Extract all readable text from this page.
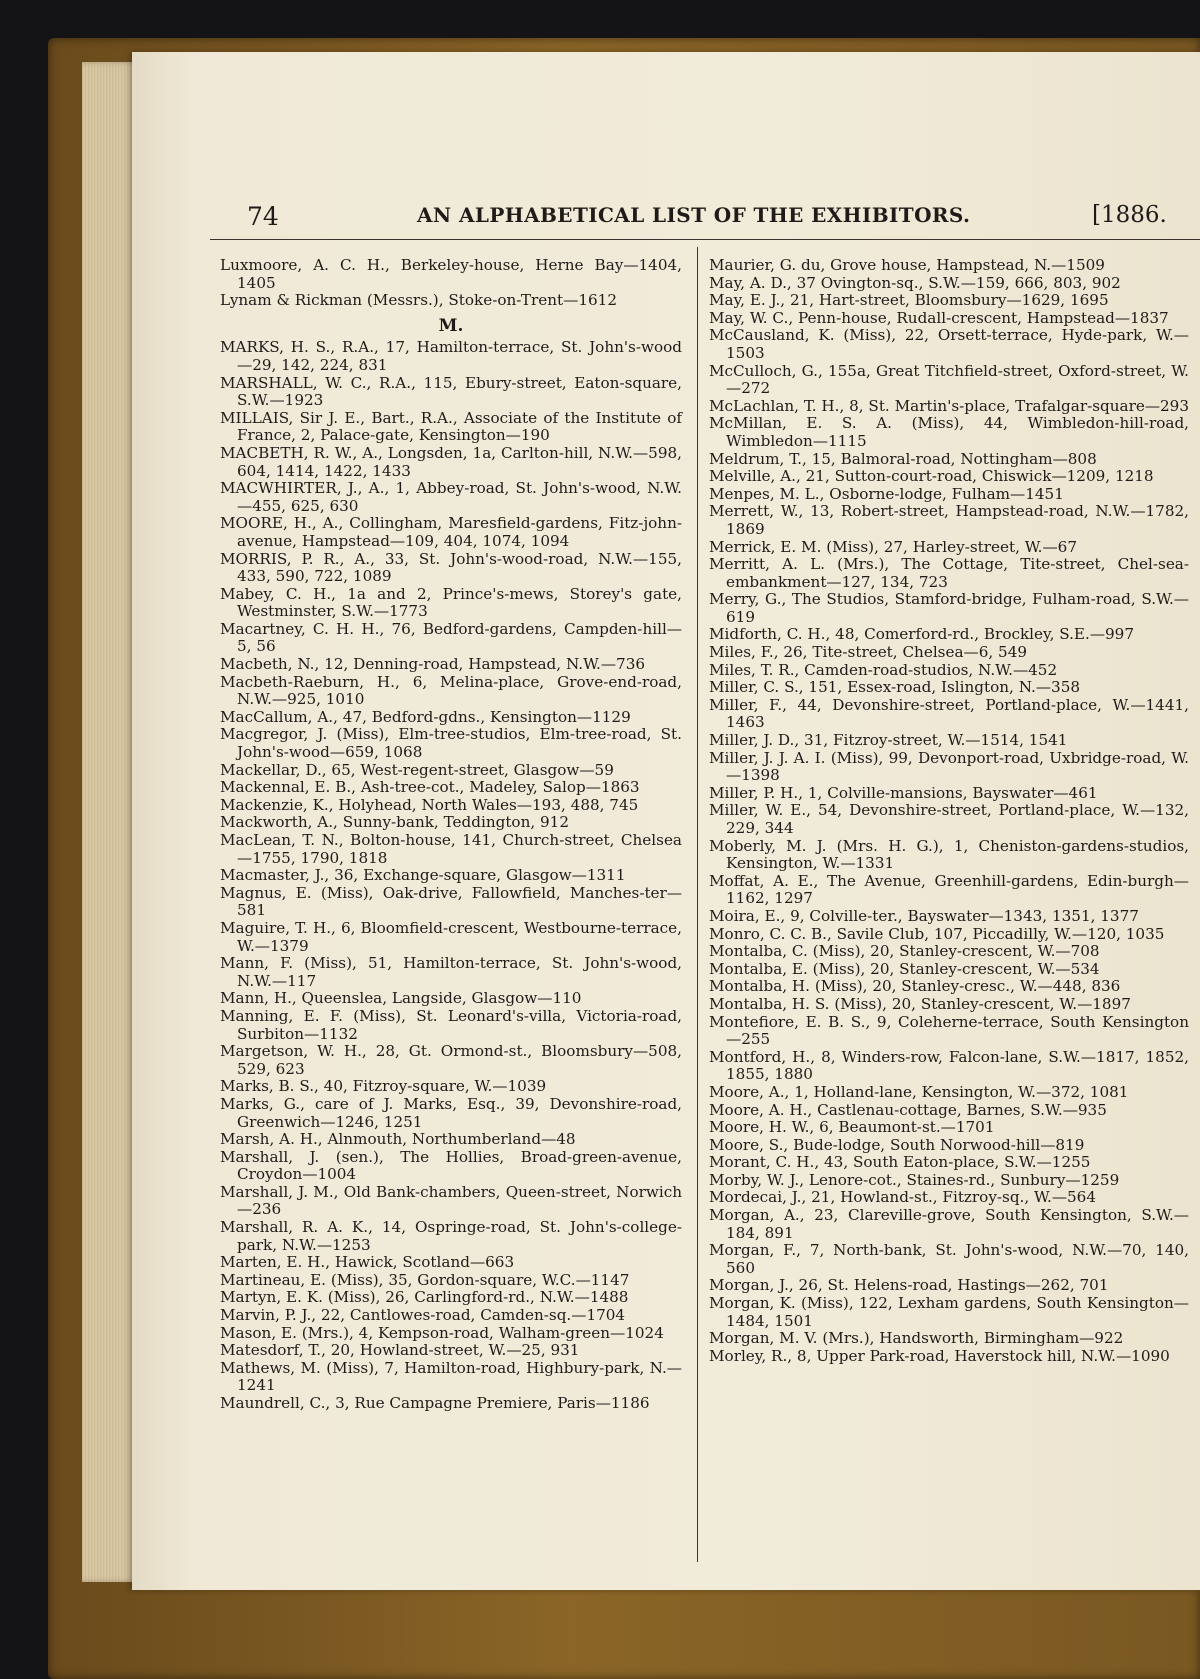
74	AN ALPHABETICAL LIST OF THE EXHIBITORS.	[1886.
Luxmoore, A. C. H., Berkeley-house, Herne Bay—1404, 1405
Lynam & Rickman (Messrs.), Stoke-on-Trent—1612
M.
MARKS, H. S., R.A., 17, Hamilton-terrace, St. John's-wood—29, 142, 224, 831
MARSHALL, W. C., R.A., 115, Ebury-street, Eaton-square, S.W.—1923
MILLAIS, Sir J. E., Bart., R.A., Associate of the Institute of France, 2, Palace-gate, Kensington—190
MACBETH, R. W., A., Longsden, 1a, Carlton-hill, N.W.—598, 604, 1414, 1422, 1433
MACWHIRTER, J., A., 1, Abbey-road, St. John's-wood, N.W.—455, 625, 630
MOORE, H., A., Collingham, Maresfield-gardens, Fitz-john-avenue, Hampstead—109, 404, 1074, 1094
MORRIS, P. R., A., 33, St. John's-wood-road, N.W.—155, 433, 590, 722, 1089
Mabey, C. H., 1a and 2, Prince's-mews, Storey's gate, Westminster, S.W.—1773
Macartney, C. H. H., 76, Bedford-gardens, Campden-hill—5, 56
Macbeth, N., 12, Denning-road, Hampstead, N.W.—736
Macbeth-Raeburn, H., 6, Melina-place, Grove-end-road, N.W.—925, 1010
MacCallum, A., 47, Bedford-gdns., Kensington—1129
Macgregor, J. (Miss), Elm-tree-studios, Elm-tree-road, St. John's-wood—659, 1068
Mackellar, D., 65, West-regent-street, Glasgow—59
Mackennal, E. B., Ash-tree-cot., Madeley, Salop—1863
Mackenzie, K., Holyhead, North Wales—193, 488, 745
Mackworth, A., Sunny-bank, Teddington, 912
MacLean, T. N., Bolton-house, 141, Church-street, Chelsea—1755, 1790, 1818
Macmaster, J., 36, Exchange-square, Glasgow—1311
Magnus, E. (Miss), Oak-drive, Fallowfield, Manches-ter—581
Maguire, T. H., 6, Bloomfield-crescent, Westbourne-terrace, W.—1379
Mann, F. (Miss), 51, Hamilton-terrace, St. John's-wood, N.W.—117
Mann, H., Queenslea, Langside, Glasgow—110
Manning, E. F. (Miss), St. Leonard's-villa, Victoria-road, Surbiton—1132
Margetson, W. H., 28, Gt. Ormond-st., Bloomsbury—508, 529, 623
Marks, B. S., 40, Fitzroy-square, W.—1039
Marks, G., care of J. Marks, Esq., 39, Devonshire-road, Greenwich—1246, 1251
Marsh, A. H., Alnmouth, Northumberland—48
Marshall, J. (sen.), The Hollies, Broad-green-avenue, Croydon—1004
Marshall, J. M., Old Bank-chambers, Queen-street, Norwich—236
Marshall, R. A. K., 14, Ospringe-road, St. John's-college-park, N.W.—1253
Marten, E. H., Hawick, Scotland—663
Martineau, E. (Miss), 35, Gordon-square, W.C.—1147
Martyn, E. K. (Miss), 26, Carlingford-rd., N.W.—1488
Marvin, P. J., 22, Cantlowes-road, Camden-sq.—1704
Mason, E. (Mrs.), 4, Kempson-road, Walham-green—1024
Matesdorf, T., 20, Howland-street, W.—25, 931
Mathews, M. (Miss), 7, Hamilton-road, Highbury-park, N.—1241
Maundrell, C., 3, Rue Campagne Premiere, Paris—1186
Maurier, G. du, Grove house, Hampstead, N.—1509
May, A. D., 37 Ovington-sq., S.W.—159, 666, 803, 902
May, E. J., 21, Hart-street, Bloomsbury—1629, 1695
May, W. C., Penn-house, Rudall-crescent, Hampstead—1837
McCausland, K. (Miss), 22, Orsett-terrace, Hyde-park, W.—1503
McCulloch, G., 155a, Great Titchfield-street, Oxford-street, W.—272
McLachlan, T. H., 8, St. Martin's-place, Trafalgar-square—293
McMillan, E. S. A. (Miss), 44, Wimbledon-hill-road, Wimbledon—1115
Meldrum, T., 15, Balmoral-road, Nottingham—808
Melville, A., 21, Sutton-court-road, Chiswick—1209, 1218
Menpes, M. L., Osborne-lodge, Fulham—1451
Merrett, W., 13, Robert-street, Hampstead-road, N.W.—1782, 1869
Merrick, E. M. (Miss), 27, Harley-street, W.—67
Merritt, A. L. (Mrs.), The Cottage, Tite-street, Chel-sea-embankment—127, 134, 723
Merry, G., The Studios, Stamford-bridge, Fulham-road, S.W.—619
Midforth, C. H., 48, Comerford-rd., Brockley, S.E.—997
Miles, F., 26, Tite-street, Chelsea—6, 549
Miles, T. R., Camden-road-studios, N.W.—452
Miller, C. S., 151, Essex-road, Islington, N.—358
Miller, F., 44, Devonshire-street, Portland-place, W.—1441, 1463
Miller, J. D., 31, Fitzroy-street, W.—1514, 1541
Miller, J. J. A. I. (Miss), 99, Devonport-road, Uxbridge-road, W.—1398
Miller, P. H., 1, Colville-mansions, Bayswater—461
Miller, W. E., 54, Devonshire-street, Portland-place, W.—132, 229, 344
Moberly, M. J. (Mrs. H. G.), 1, Cheniston-gardens-studios, Kensington, W.—1331
Moffat, A. E., The Avenue, Greenhill-gardens, Edin-burgh—1162, 1297
Moira, E., 9, Colville-ter., Bayswater—1343, 1351, 1377
Monro, C. C. B., Savile Club, 107, Piccadilly, W.—120, 1035
Montalba, C. (Miss), 20, Stanley-crescent, W.—708
Montalba, E. (Miss), 20, Stanley-crescent, W.—534
Montalba, H. (Miss), 20, Stanley-cresc., W.—448, 836
Montalba, H. S. (Miss), 20, Stanley-crescent, W.—1897
Montefiore, E. B. S., 9, Coleherne-terrace, South Kensington—255
Montford, H., 8, Winders-row, Falcon-lane, S.W.—1817, 1852, 1855, 1880
Moore, A., 1, Holland-lane, Kensington, W.—372, 1081
Moore, A. H., Castlenau-cottage, Barnes, S.W.—935
Moore, H. W., 6, Beaumont-st.—1701
Moore, S., Bude-lodge, South Norwood-hill—819
Morant, C. H., 43, South Eaton-place, S.W.—1255
Morby, W. J., Lenore-cot., Staines-rd., Sunbury—1259
Mordecai, J., 21, Howland-st., Fitzroy-sq., W.—564
Morgan, A., 23, Clareville-grove, South Kensington, S.W.—184, 891
Morgan, F., 7, North-bank, St. John's-wood, N.W.—70, 140, 560
Morgan, J., 26, St. Helens-road, Hastings—262, 701
Morgan, K. (Miss), 122, Lexham gardens, South Kensington—1484, 1501
Morgan, M. V. (Mrs.), Handsworth, Birmingham—922
Morley, R., 8, Upper Park-road, Haverstock hill, N.W.—1090
